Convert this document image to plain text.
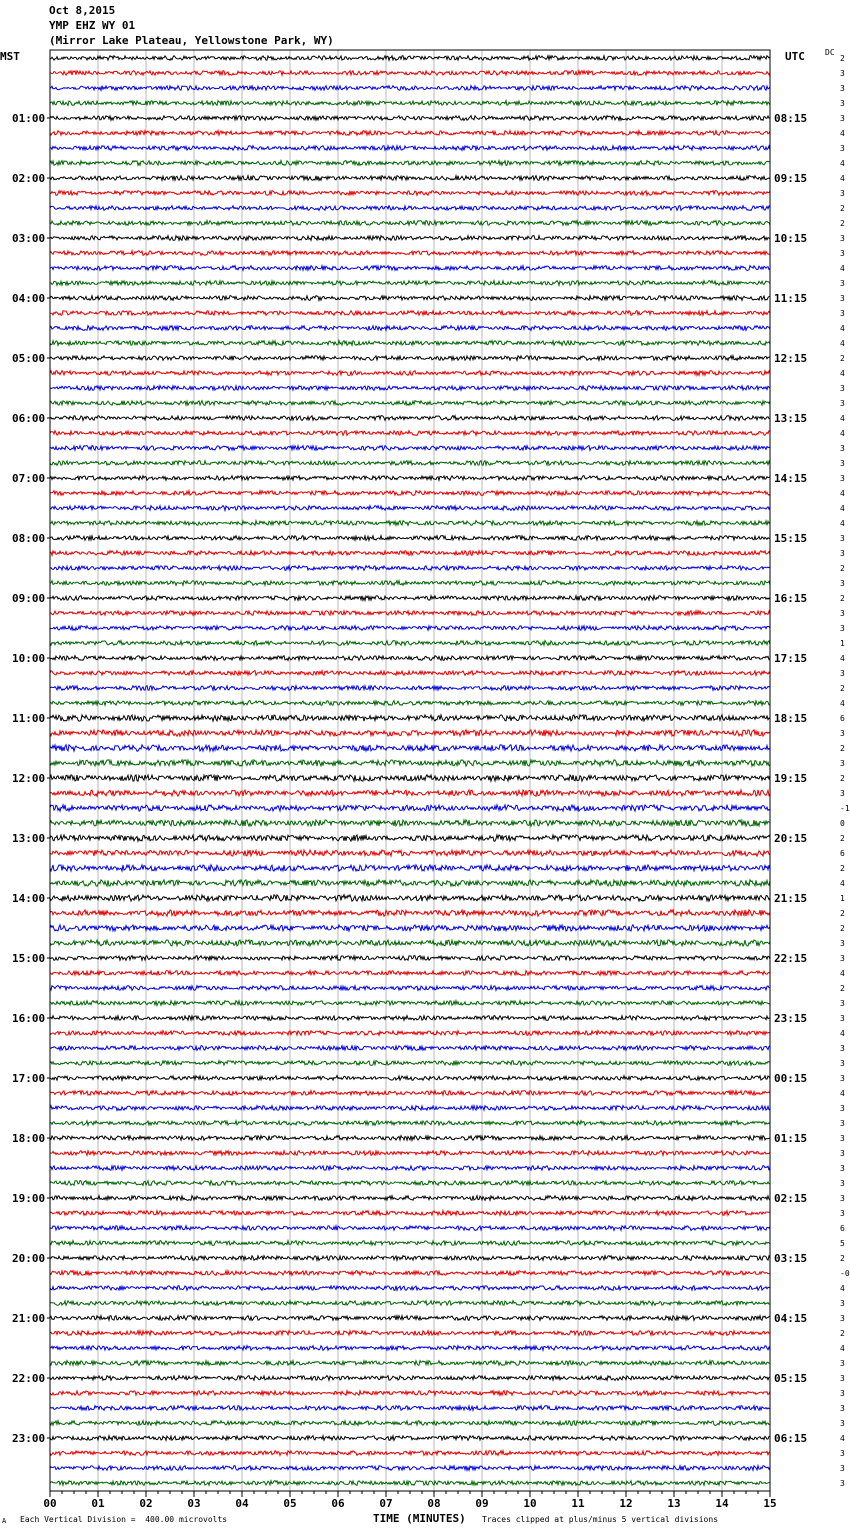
2
3
3
3
3
4
3
4
4
3
2
2
3
3
4
3
3
3
4
4
2
4
3
3
4
4
3
3
3
4
4
4
3
3
2
3
2
3
3
1
4
3
2
4
6
3
2
3
2
3
-1
0
2
6
2
4
1
2
2
3
3
4
2
3
3
4
3
3
3
4
3
3
3
3
3
3
3
3
6
5
2
-0
4
3
3
2
4
3
3
3
3
3
4
3
3
3
01:00
02:00
03:00
04:00
05:00
06:00
07:00
08:00
09:00
10:00
11:00
12:00
13:00
14:00
15:00
16:00
17:00
18:00
19:00
20:00
21:00
22:00
23:00
08:15
09:15
10:15
11:15
12:15
13:15
14:15
15:15
16:15
17:15
18:15
19:15
20:15
21:15
22:15
23:15
00:15
01:15
02:15
03:15
04:15
05:15
06:15
00	01	02	03	04	05	06	07	08	09	10	11	12	13	14	15
Oct 8,2015
YMP EHZ WY 01
(Mirror Lake Plateau, Yellowstone Park, WY)
MST	UTC	DC
A Each Vertical Division =  400.00 microvolts	TIME (MINUTES) Traces clipped at plus/minus 5 vertical divisions
